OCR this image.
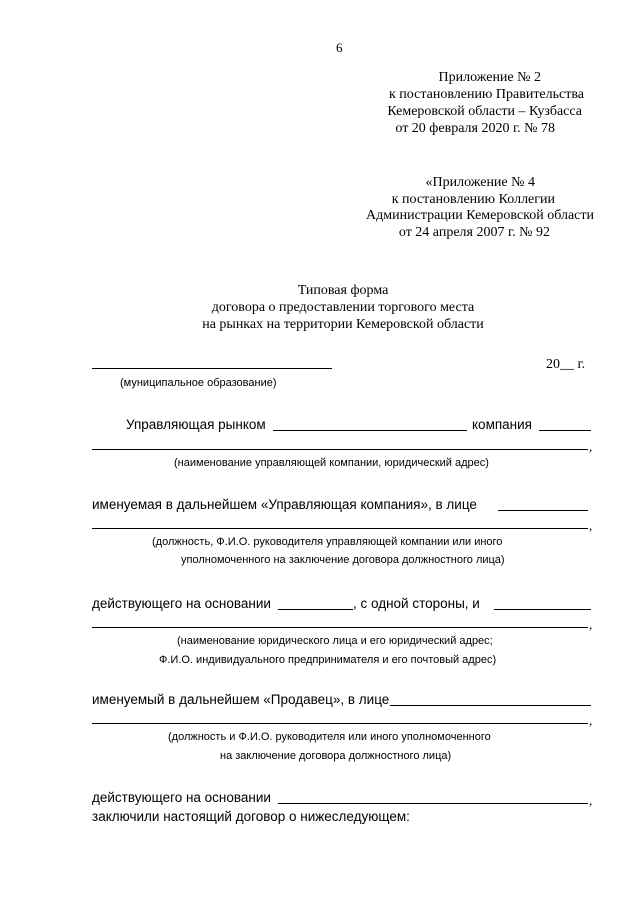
6
Приложение № 2
к постановлению Правительства
Кемеровской области – Кузбасса
от 20 февраля 2020 г. № 78
«Приложение № 4
к постановлению Коллегии
Администрации Кемеровской области
от 24 апреля 2007 г. № 92
Типовая форма
договора о предоставлении торгового места
на рынках на территории Кемеровской области
20__ г.
(муниципальное образование)
Управляющая рынком	компания
,
(наименование управляющей компании, юридический адрес)
именуемая в дальнейшем «Управляющая компания», в лице
,
(должность, Ф.И.О. руководителя управляющей компании или иного
уполномоченного на заключение договора должностного лица)
действующего на основании	, с одной стороны, и
,
(наименование юридического лица и его юридический адрес;
Ф.И.О. индивидуального предпринимателя и его почтовый адрес)
именуемый в дальнейшем «Продавец», в лице
,
(должность и Ф.И.О. руководителя или иного уполномоченного
на заключение договора должностного лица)
действующего на основании	,
заключили настоящий договор о нижеследующем:
